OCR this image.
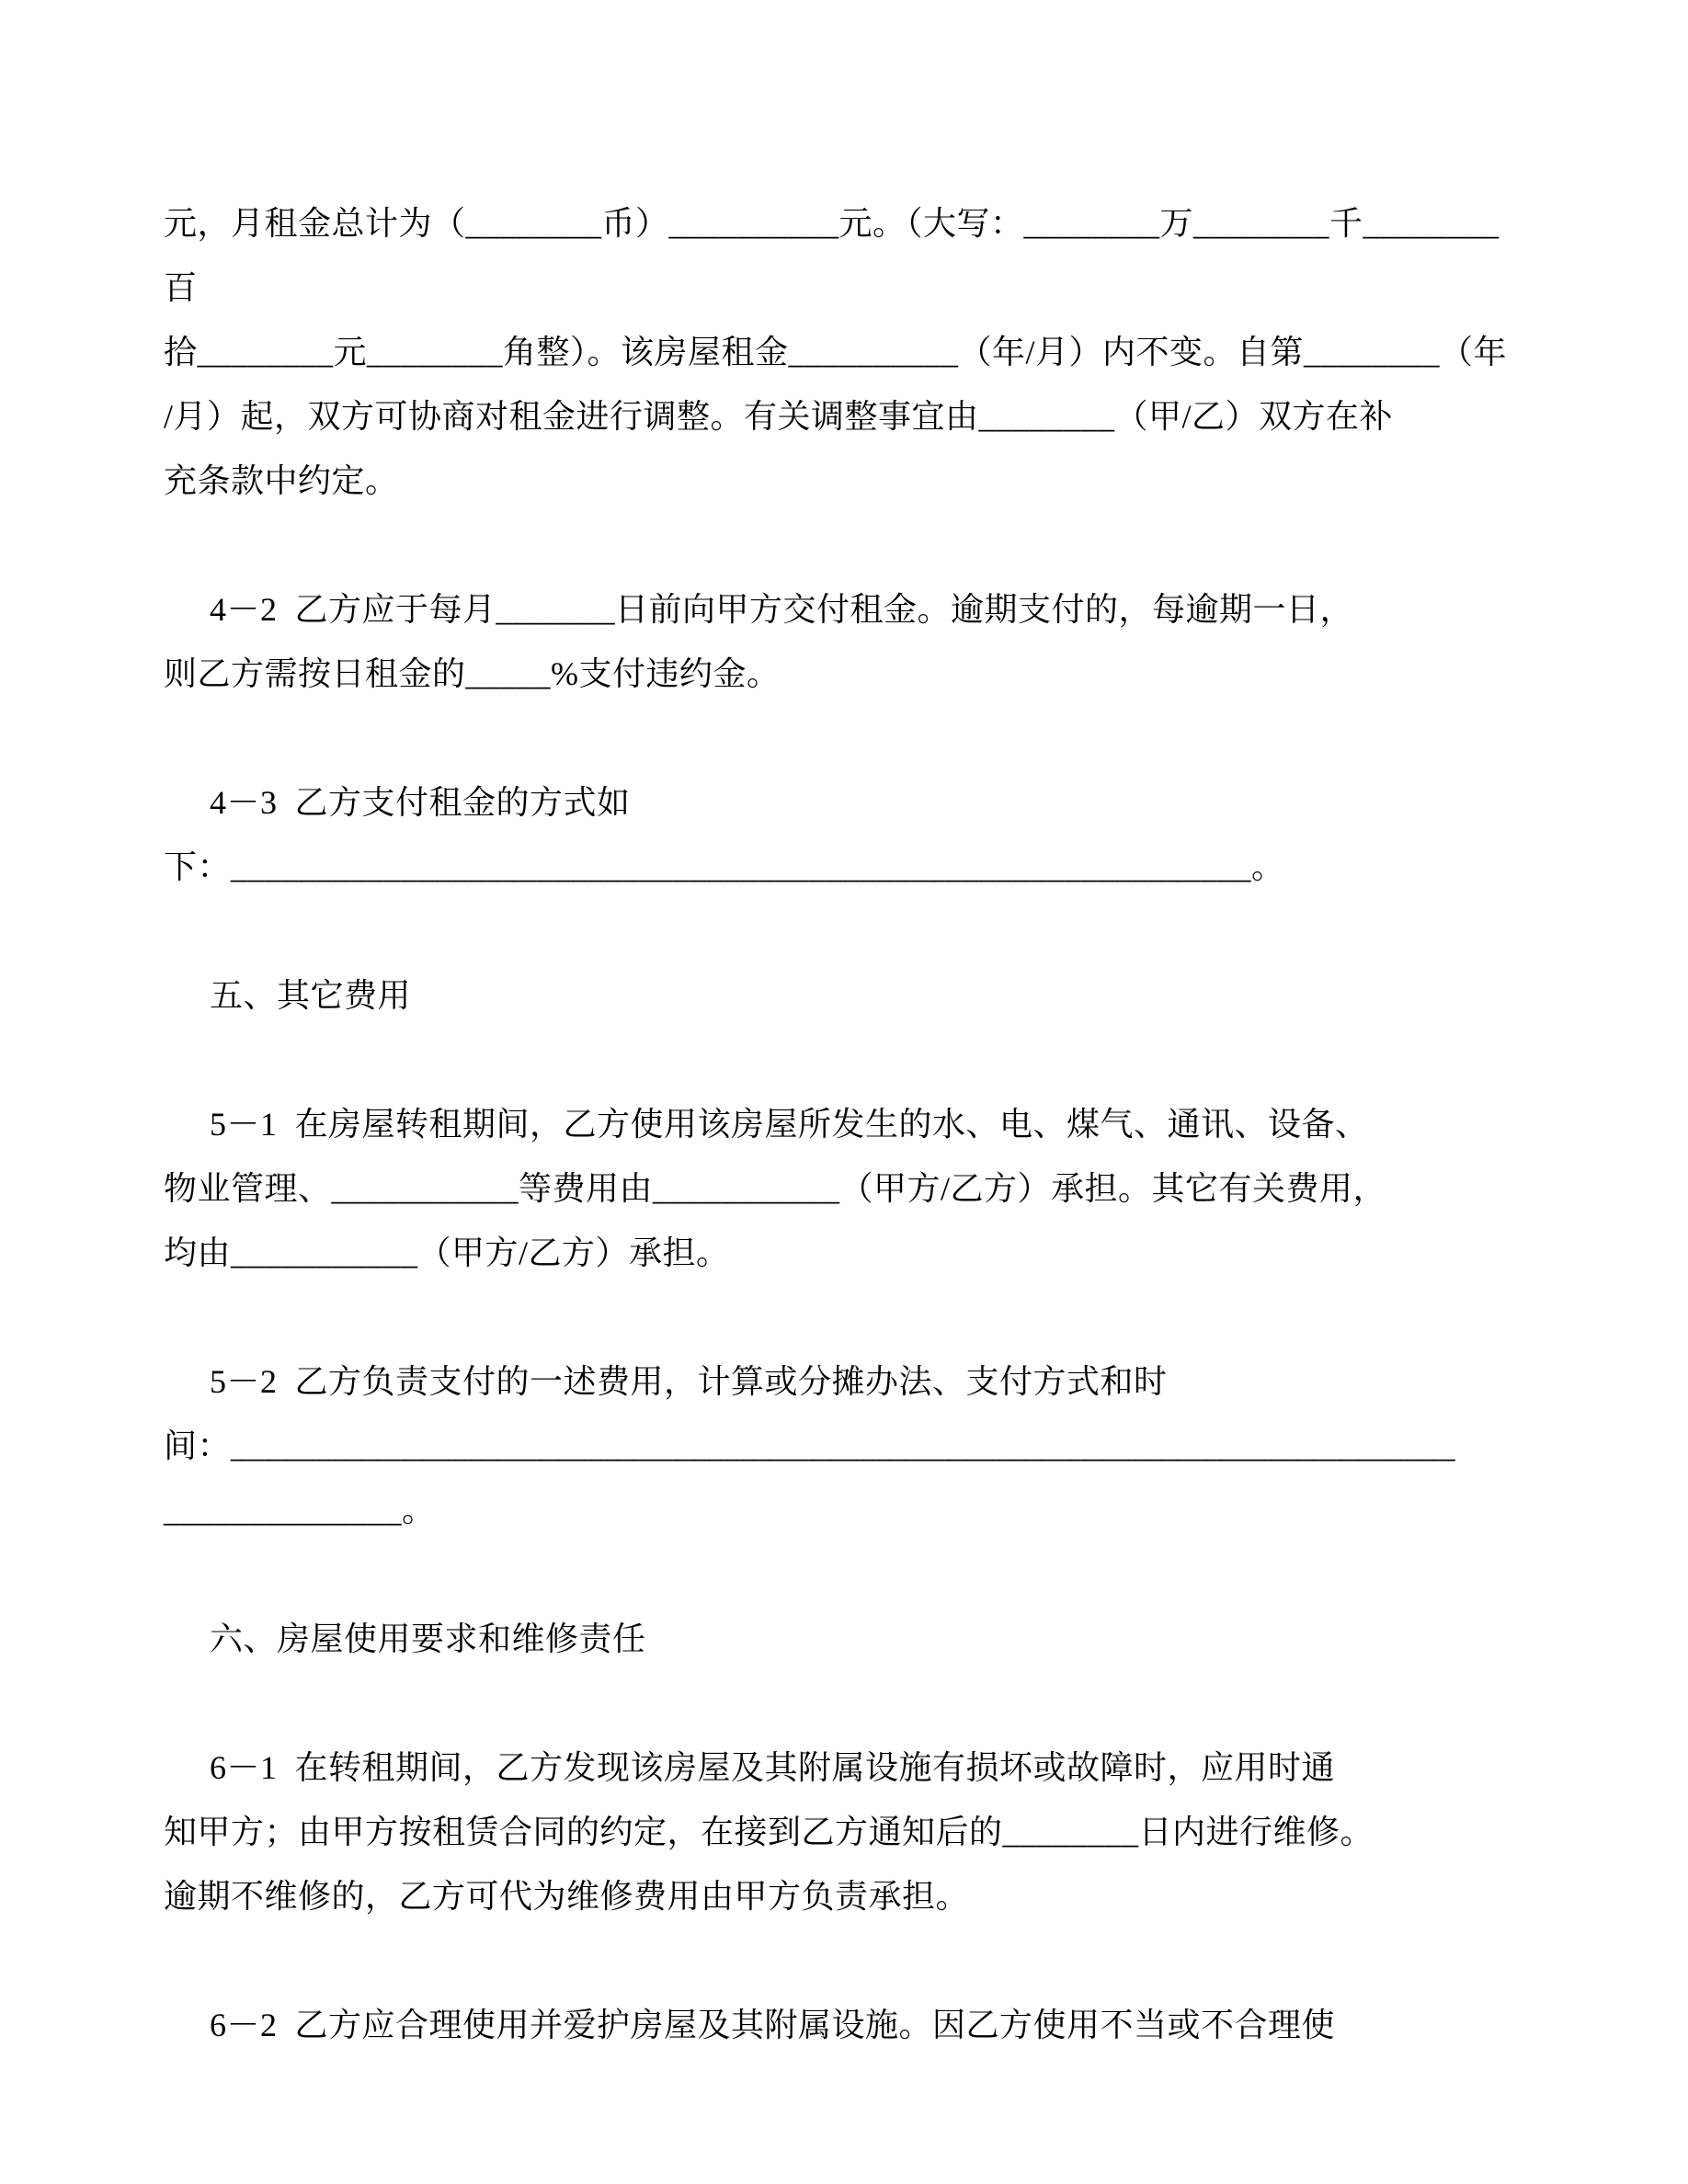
元，月租金总计为（________币）__________元。（大写：________万________千________百
拾________元________角整）。该房屋租金__________（年/月）内不变。自第________（年
/月）起，双方可协商对租金进行调整。有关调整事宜由________（甲/乙）双方在补
充条款中约定。
4－2  乙方应于每月_______日前向甲方交付租金。逾期支付的，每逾期一日，
则乙方需按日租金的_____%支付违约金。
4－3  乙方支付租金的方式如
下：____________________________________________________________。
五、其它费用
5－1  在房屋转租期间，乙方使用该房屋所发生的水、电、煤气、通讯、设备、
物业管理、___________等费用由___________（甲方/乙方）承担。其它有关费用，
均由___________（甲方/乙方）承担。
5－2  乙方负责支付的一述费用，计算或分摊办法、支付方式和时
间：________________________________________________________________________
______________。
六、房屋使用要求和维修责任
6－1  在转租期间，乙方发现该房屋及其附属设施有损坏或故障时，应用时通
知甲方；由甲方按租赁合同的约定，在接到乙方通知后的________日内进行维修。
逾期不维修的，乙方可代为维修费用由甲方负责承担。
6－2  乙方应合理使用并爱护房屋及其附属设施。因乙方使用不当或不合理使
